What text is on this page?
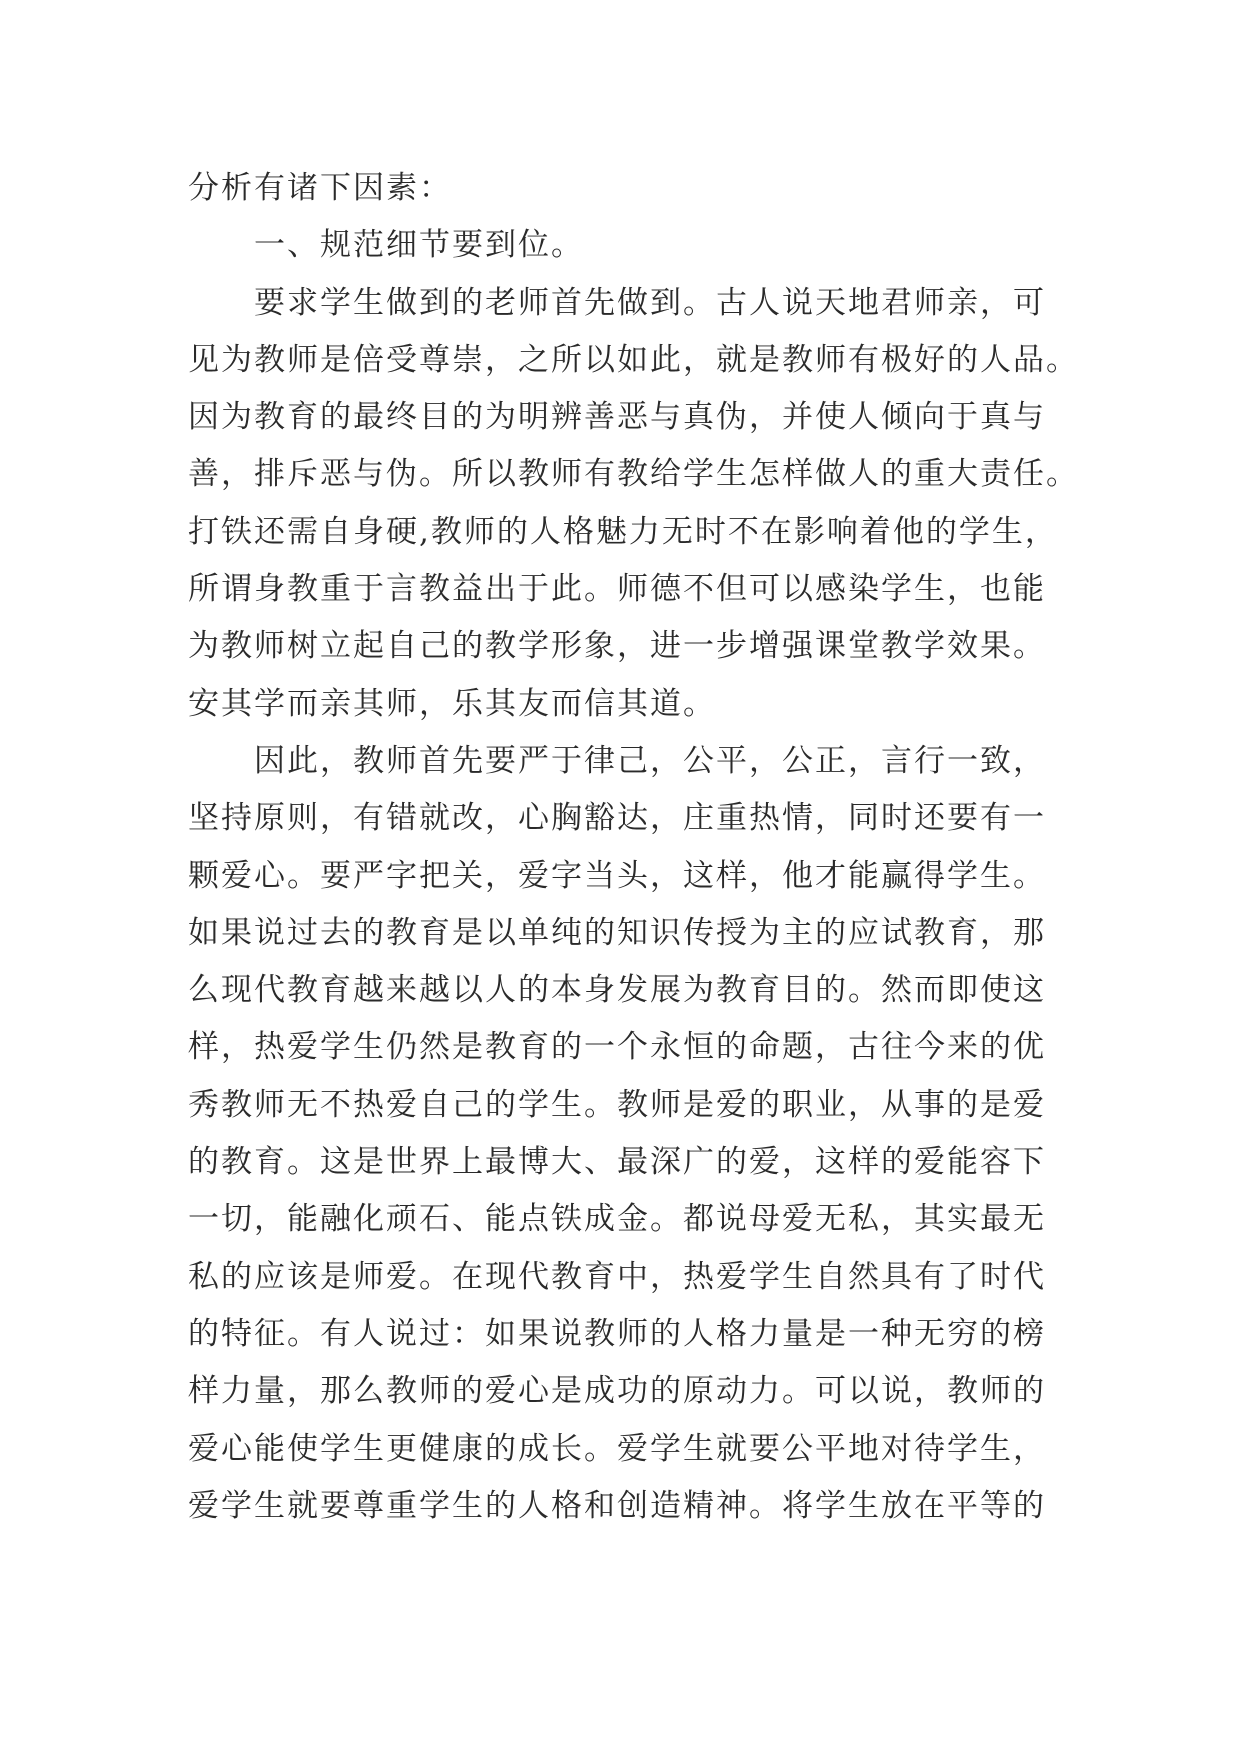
分析有诸下因素：
一、规范细节要到位。
要求学生做到的老师首先做到。古人说天地君师亲，可
见为教师是倍受尊崇，之所以如此，就是教师有极好的人品。
因为教育的最终目的为明辨善恶与真伪，并使人倾向于真与
善，排斥恶与伪。所以教师有教给学生怎样做人的重大责任。
打铁还需自身硬,教师的人格魅力无时不在影响着他的学生，
所谓身教重于言教益出于此。师德不但可以感染学生，也能
为教师树立起自己的教学形象，进一步增强课堂教学效果。
安其学而亲其师，乐其友而信其道。
因此，教师首先要严于律己，公平，公正，言行一致，
坚持原则，有错就改，心胸豁达，庄重热情，同时还要有一
颗爱心。要严字把关，爱字当头，这样，他才能赢得学生。
如果说过去的教育是以单纯的知识传授为主的应试教育，那
么现代教育越来越以人的本身发展为教育目的。然而即使这
样，热爱学生仍然是教育的一个永恒的命题，古往今来的优
秀教师无不热爱自己的学生。教师是爱的职业，从事的是爱
的教育。这是世界上最博大、最深广的爱，这样的爱能容下
一切，能融化顽石、能点铁成金。都说母爱无私，其实最无
私的应该是师爱。在现代教育中，热爱学生自然具有了时代
的特征。有人说过：如果说教师的人格力量是一种无穷的榜
样力量，那么教师的爱心是成功的原动力。可以说，教师的
爱心能使学生更健康的成长。爱学生就要公平地对待学生，
爱学生就要尊重学生的人格和创造精神。将学生放在平等的
